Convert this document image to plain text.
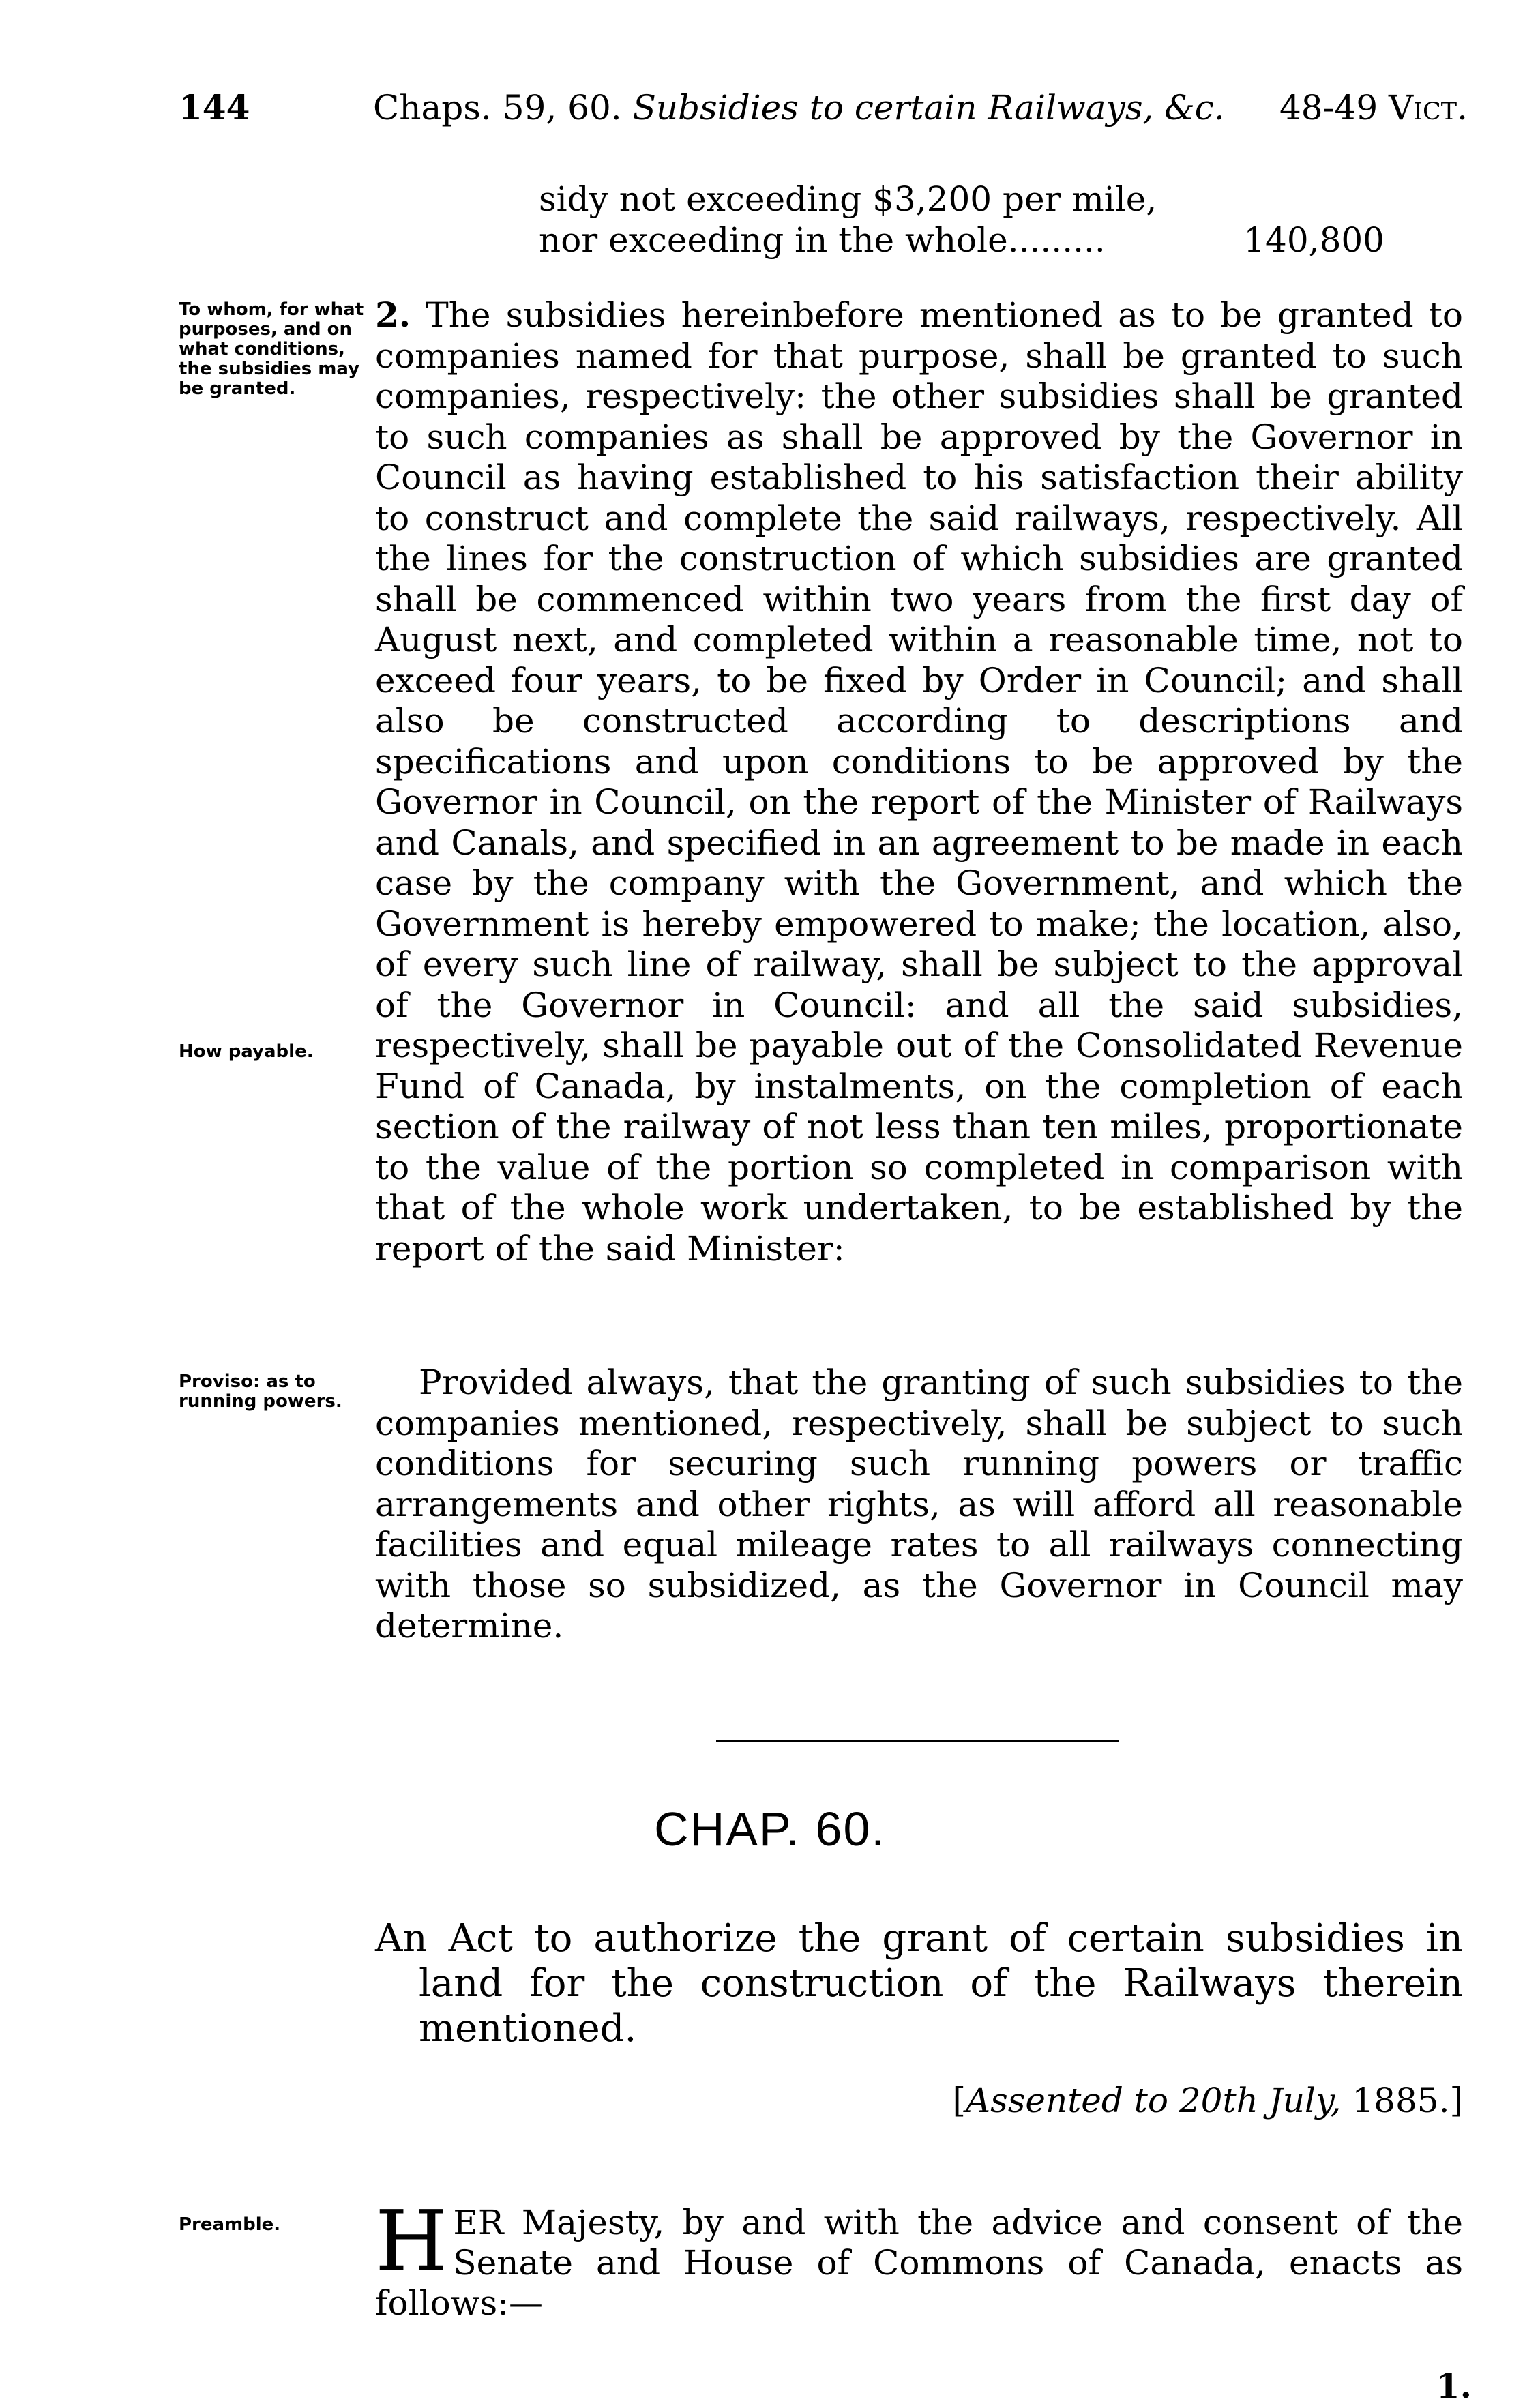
144	Chaps. 59, 60. Subsidies to certain Railways, &c. 48-49 Vict.
sidy not exceeding $3,200 per mile,
nor exceeding in the whole.........	140,800
To whom, for what purposes, and on what conditions, the subsidies may be granted.
2. The subsidies hereinbefore mentioned as to be granted to companies named for that purpose, shall be granted to such companies, respectively: the other subsidies shall be granted to such companies as shall be approved by the Governor in Council as having established to his satisfaction their ability to construct and complete the said railways, respectively. All the lines for the construction of which subsidies are granted shall be commenced within two years from the first day of August next, and completed within a reasonable time, not to exceed four years, to be fixed by Order in Council; and shall also be constructed according to descriptions and specifications and upon conditions to be approved by the Governor in Council, on the report of the Minister of Railways and Canals, and specified in an agreement to be made in each case by the company with the Government, and which the Government is hereby empowered to make; the location, also, of every such line of railway, shall be subject to the approval of the Governor in Council: and all the said subsidies, respectively, shall be payable out of the Consolidated Revenue Fund of Canada, by instalments, on the completion of each section of the railway of not less than ten miles, proportionate to the value of the portion so completed in comparison with that of the whole work undertaken, to be established by the report of the said Minister:
How payable.
Proviso: as to running powers.	Provided always, that the granting of such subsidies to the companies mentioned, respectively, shall be subject to such conditions for securing such running powers or traffic arrangements and other rights, as will afford all reasonable facilities and equal mileage rates to all railways connecting with those so subsidized, as the Governor in Council may determine.
CHAP. 60.
An Act to authorize the grant of certain subsidies in land for the construction of the Railways therein mentioned.
[Assented to 20th July, 1885.]
Preamble.	H ER Majesty, by and with the advice and consent of the Senate and House of Commons of Canada, enacts as follows:—
1.
